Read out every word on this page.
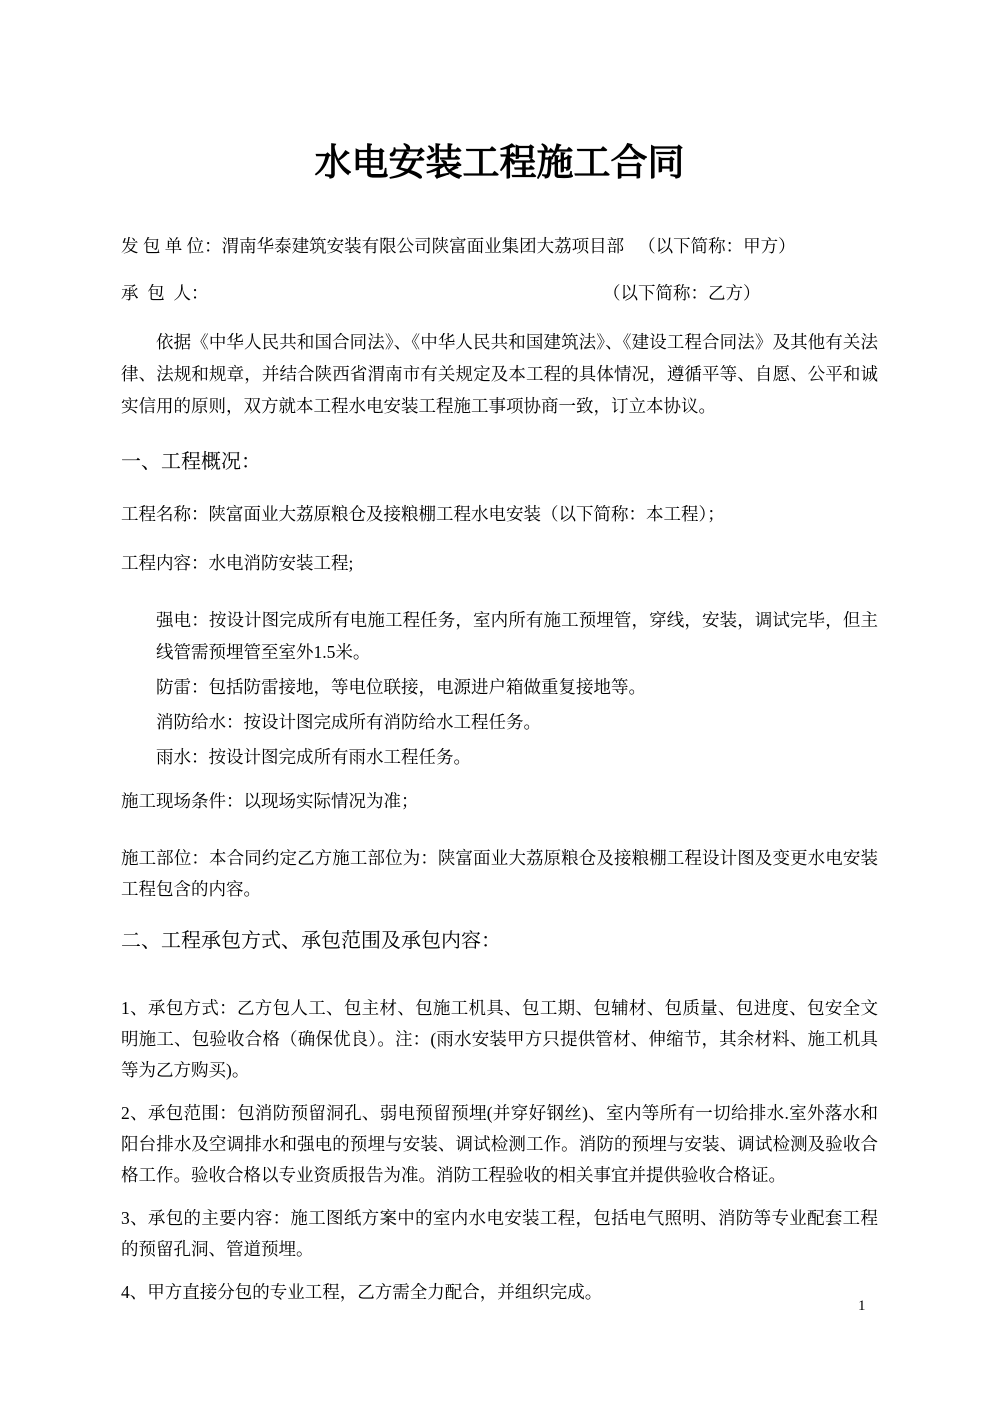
水电安装工程施工合同
发 包 单 位：渭南华泰建筑安装有限公司陕富面业集团大荔项目部 （以下简称：甲方）
承  包  人：	（以下简称：乙方）

依据《中华人民共和国合同法》、《中华人民共和国建筑法》、《建设工程合同法》及其他有关法律、法规和规章，并结合陕西省渭南市有关规定及本工程的具体情况，遵循平等、自愿、公平和诚实信用的原则，双方就本工程水电安装工程施工事项协商一致，订立本协议。

一、工程概况：

工程名称：陕富面业大荔原粮仓及接粮棚工程水电安装（以下简称：本工程）；

工程内容：水电消防安装工程;

强电：按设计图完成所有电施工程任务，室内所有施工预埋管，穿线，安装，调试完毕，但主线管需预埋管至室外1.5米。

防雷：包括防雷接地，等电位联接，电源进户箱做重复接地等。

消防给水：按设计图完成所有消防给水工程任务。

雨水：按设计图完成所有雨水工程任务。

施工现场条件：以现场实际情况为准；

施工部位：本合同约定乙方施工部位为：陕富面业大荔原粮仓及接粮棚工程设计图及变更水电安装工程包含的内容。

二、工程承包方式、承包范围及承包内容：

1、承包方式：乙方包人工、包主材、包施工机具、包工期、包辅材、包质量、包进度、包安全文明施工、包验收合格（确保优良）。注：(雨水安装甲方只提供管材、伸缩节，其余材料、施工机具等为乙方购买)。

2、承包范围：包消防预留洞孔、弱电预留预埋(并穿好钢丝)、室内等所有一切给排水.室外落水和阳台排水及空调排水和强电的预埋与安装、调试检测工作。消防的预埋与安装、调试检测及验收合格工作。验收合格以专业资质报告为准。消防工程验收的相关事宜并提供验收合格证。

3、承包的主要内容：施工图纸方案中的室内水电安装工程，包括电气照明、消防等专业配套工程的预留孔洞、管道预埋。

4、甲方直接分包的专业工程，乙方需全力配合，并组织完成。

1
